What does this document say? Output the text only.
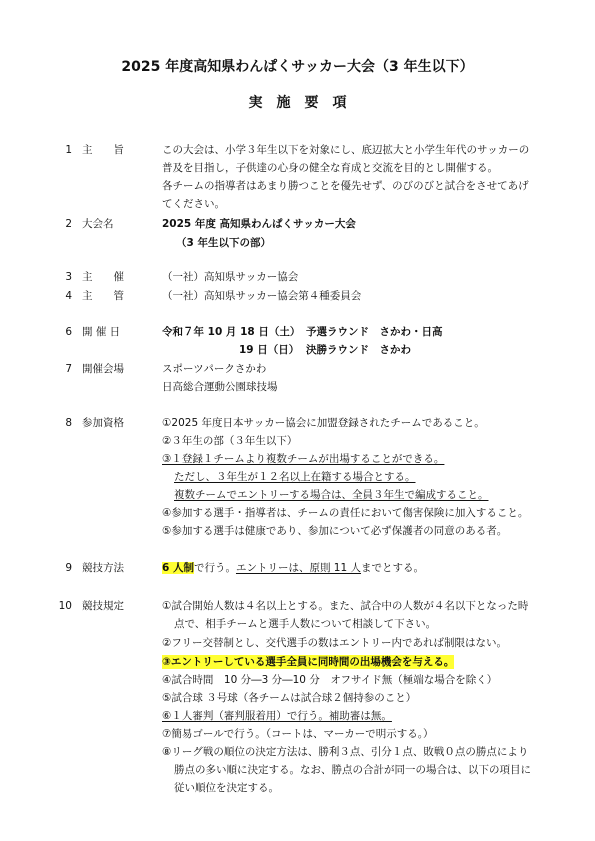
2025 年度高知県わんぱくサッカー大会（3 年生以下）
実施要項
1 主　　旨	この大会は、小学３年生以下を対象にし、底辺拡大と小学生年代のサッカーの
普及を目指し，子供達の心身の健全な育成と交流を目的とし開催する。
各チームの指導者はあまり勝つことを優先せず、のびのびと試合をさせてあげ
てください。
2 大会名	2025 年度 高知県わんぱくサッカー大会
（3 年生以下の部）
3 主　　催	（一社）高知県サッカー協会
4 主　　管	（一社）高知県サッカー協会第４種委員会
6 開 催 日	令和７年 10 月 18 日（土） 予選ラウンド　さかわ・日高
19 日（日） 決勝ラウンド　さかわ
7 開催会場	スポーツパークさかわ
日高総合運動公園球技場
8 参加資格	①2025 年度日本サッカー協会に加盟登録されたチームであること。
②３年生の部（３年生以下）
③１登録１チームより複数チームが出場することができる。
ただし、３年生が１２名以上在籍する場合とする。
複数チームでエントリーする場合は、全員３年生で編成すること。
④参加する選手・指導者は、チームの責任において傷害保険に加入すること。
⑤参加する選手は健康であり、参加について必ず保護者の同意のある者。
9 競技方法	6 人制で行う。エントリーは、原則 11 人までとする。
10 競技規定	①試合開始人数は４名以上とする。また、試合中の人数が４名以下となった時
点で、相手チームと選手人数について相談して下さい。
②フリー交替制とし、交代選手の数はエントリー内であれば制限はない。
③エントリーしている選手全員に同時間の出場機会を与える。
④試合時間　10 分―3 分―10 分　オフサイド無（極端な場合を除く）
⑤試合球 ３号球（各チームは試合球２個持参のこと）
⑥１人審判（審判服着用）で行う。補助審は無。
⑦簡易ゴールで行う。（コートは、マーカーで明示する。）
⑧リーグ戦の順位の決定方法は、勝利３点、引分１点、敗戦０点の勝点により
勝点の多い順に決定する。なお、勝点の合計が同一の場合は、以下の項目に
従い順位を決定する。
